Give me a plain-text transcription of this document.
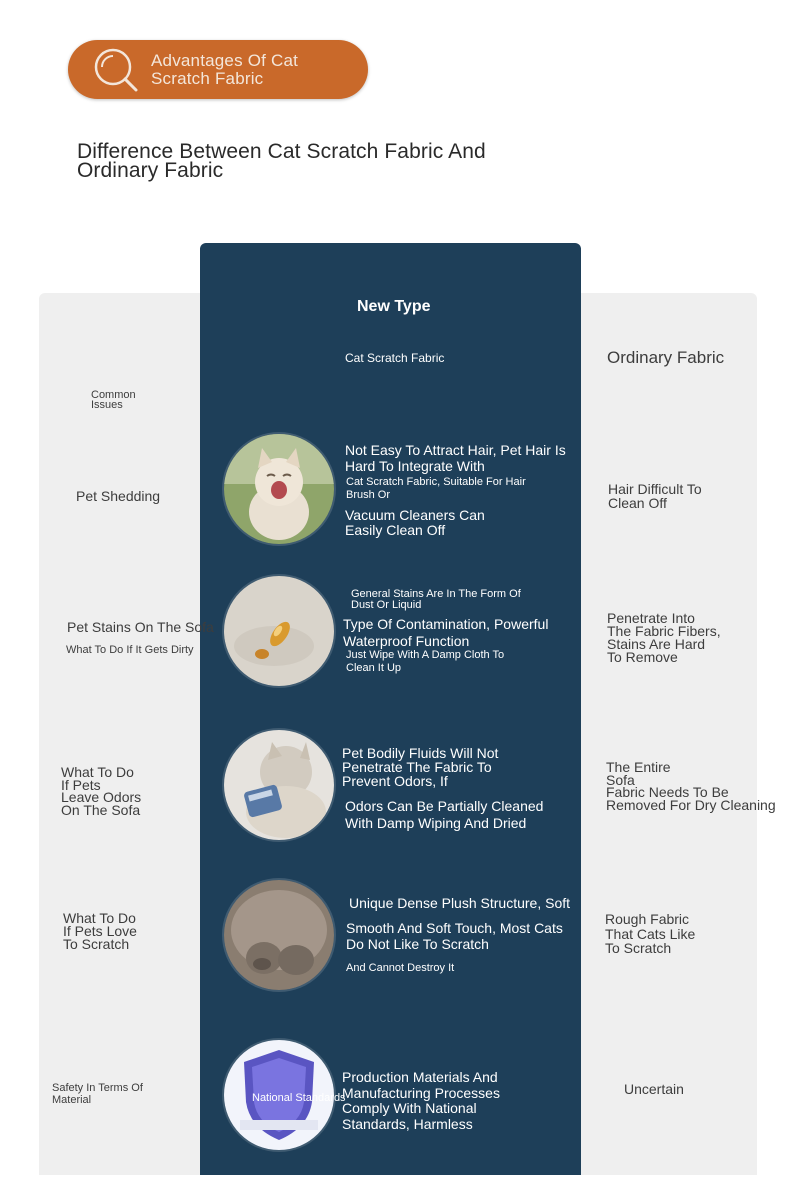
Advantages Of Cat
Scratch Fabric
Difference Between Cat Scratch Fabric And
Ordinary Fabric
Common
Issues
New Type
Cat Scratch Fabric	Ordinary Fabric
Pet Shedding
Not Easy To Attract Hair, Pet Hair Is
Hard To Integrate With
Cat Scratch Fabric, Suitable For Hair
Brush Or
Vacuum Cleaners Can
Easily Clean Off
Hair Difficult To
Clean Off
Pet Stains On The Sofa
What To Do If It Gets Dirty
General Stains Are In The Form Of
Dust Or Liquid
Type Of Contamination, Powerful
Waterproof Function
Just Wipe With A Damp Cloth To
Clean It Up
Penetrate Into
The Fabric Fibers,
Stains Are Hard
To Remove
What To Do
If Pets
Leave Odors
On The Sofa
Pet Bodily Fluids Will Not
Penetrate The Fabric To
Prevent Odors, If
Odors Can Be Partially Cleaned
With Damp Wiping And Dried
The Entire
Sofa
Fabric Needs To Be
Removed For Dry Cleaning
What To Do
If Pets Love
To Scratch
Unique Dense Plush Structure, Soft
Smooth And Soft Touch, Most Cats
Do Not Like To Scratch
And Cannot Destroy It
Rough Fabric
That Cats Like
To Scratch
Safety In Terms Of
Material	National Standards
Production Materials And
Manufacturing Processes
Comply With National
Standards, Harmless
Uncertain
